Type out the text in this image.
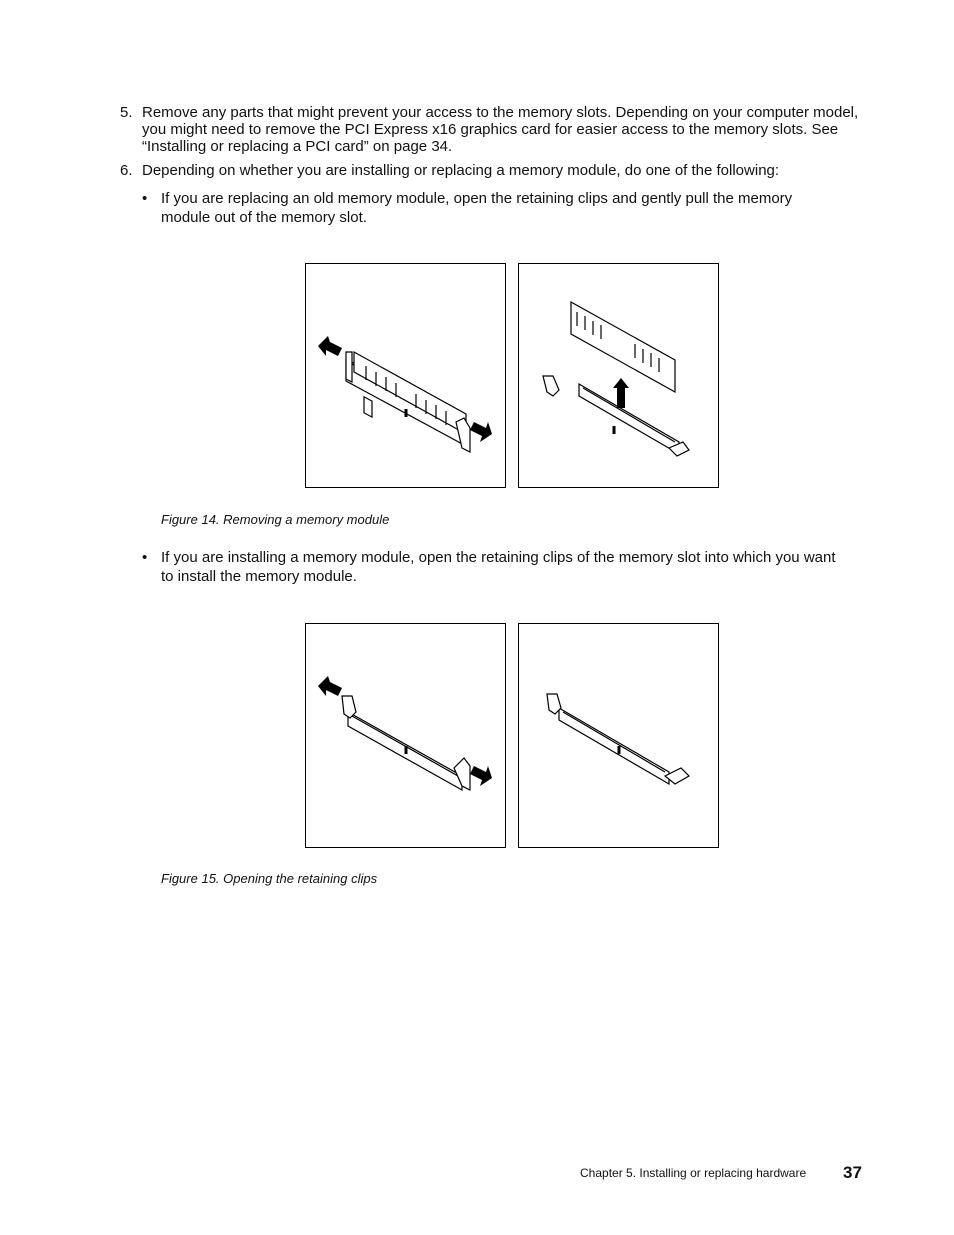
5. Remove any parts that might prevent your access to the memory slots. Depending on your computer model, you might need to remove the PCI Express x16 graphics card for easier access to the memory slots. See “Installing or replacing a PCI card” on page 34.
6. Depending on whether you are installing or replacing a memory module, do one of the following:
• If you are replacing an old memory module, open the retaining clips and gently pull the memory module out of the memory slot.
Figure 14. Removing a memory module
• If you are installing a memory module, open the retaining clips of the memory slot into which you want to install the memory module.
Figure 15. Opening the retaining clips
Chapter 5. Installing or replacing hardware 37
